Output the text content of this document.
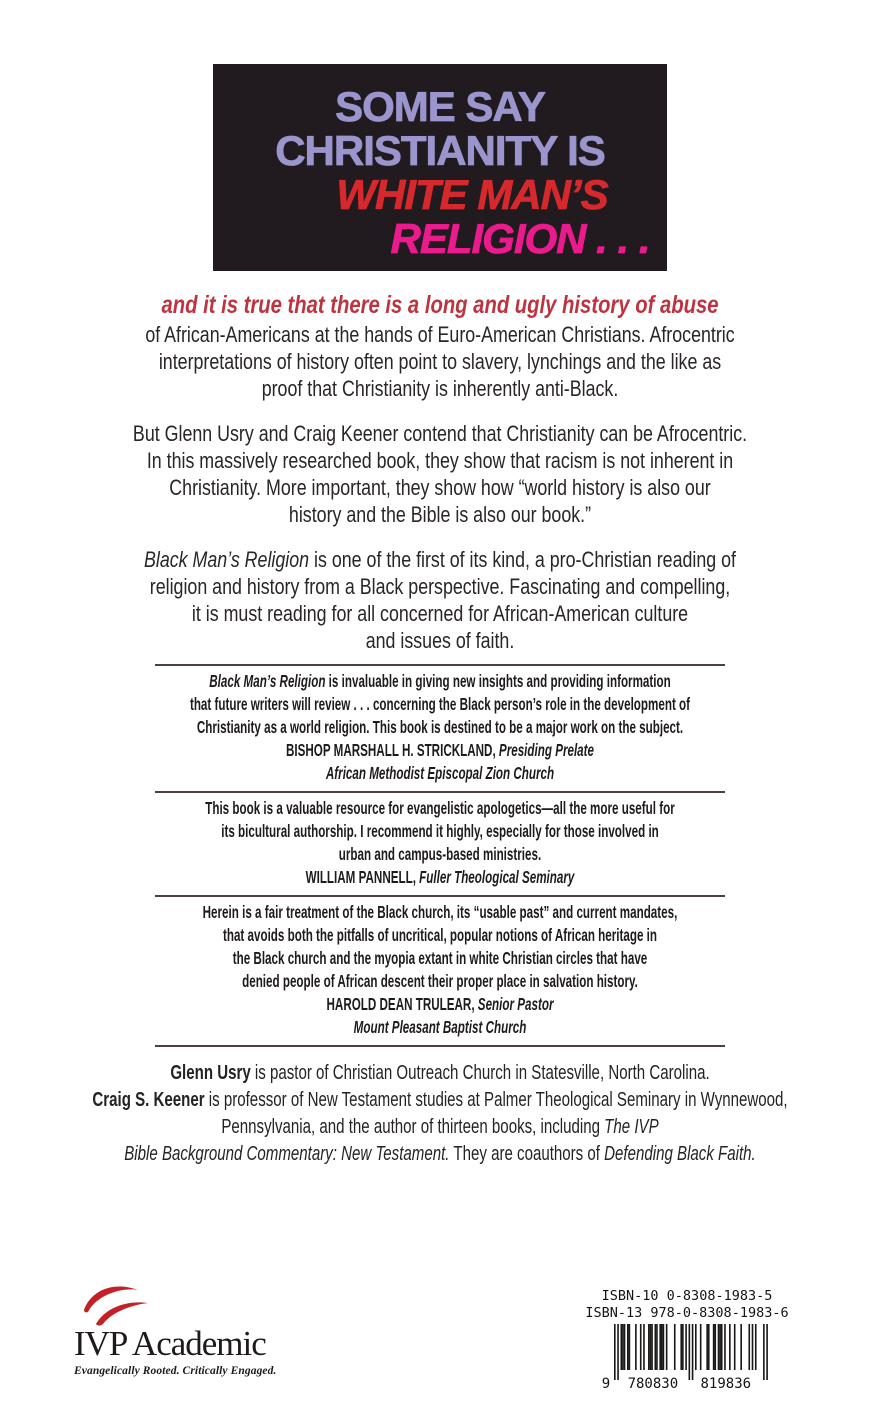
SOME SAY
CHRISTIANITY IS
WHITE MAN’S
RELIGION . . .
and it is true that there is a long and ugly history of abuse
of African-Americans at the hands of Euro-American Christians. Afrocentric
interpretations of history often point to slavery, lynchings and the like as
proof that Christianity is inherently anti-Black.
But Glenn Usry and Craig Keener contend that Christianity can be Afrocentric.
In this massively researched book, they show that racism is not inherent in
Christianity. More important, they show how “world history is also our
history and the Bible is also our book.”
Black Man’s Religion is one of the first of its kind, a pro-Christian reading of
religion and history from a Black perspective. Fascinating and compelling,
it is must reading for all concerned for African-American culture
and issues of faith.
Black Man’s Religion is invaluable in giving new insights and providing information
that future writers will review . . . concerning the Black person’s role in the development of
Christianity as a world religion. This book is destined to be a major work on the subject.
BISHOP MARSHALL H. STRICKLAND, Presiding Prelate
African Methodist Episcopal Zion Church
This book is a valuable resource for evangelistic apologetics—all the more useful for
its bicultural authorship. I recommend it highly, especially for those involved in
urban and campus-based ministries.
WILLIAM PANNELL, Fuller Theological Seminary
Herein is a fair treatment of the Black church, its “usable past” and current mandates,
that avoids both the pitfalls of uncritical, popular notions of African heritage in
the Black church and the myopia extant in white Christian circles that have
denied people of African descent their proper place in salvation history.
HAROLD DEAN TRULEAR, Senior Pastor
Mount Pleasant Baptist Church
Glenn Usry is pastor of Christian Outreach Church in Statesville, North Carolina.
Craig S. Keener is professor of New Testament studies at Palmer Theological Seminary in Wynnewood,
Pennsylvania, and the author of thirteen books, including The IVP
Bible Background Commentary: New Testament. They are coauthors of Defending Black Faith.
IVP Academic
Evangelically Rooted. Critically Engaged.
ISBN-10 0-8308-1983-5
ISBN-13 978-0-8308-1983-6
9 780830 819836
